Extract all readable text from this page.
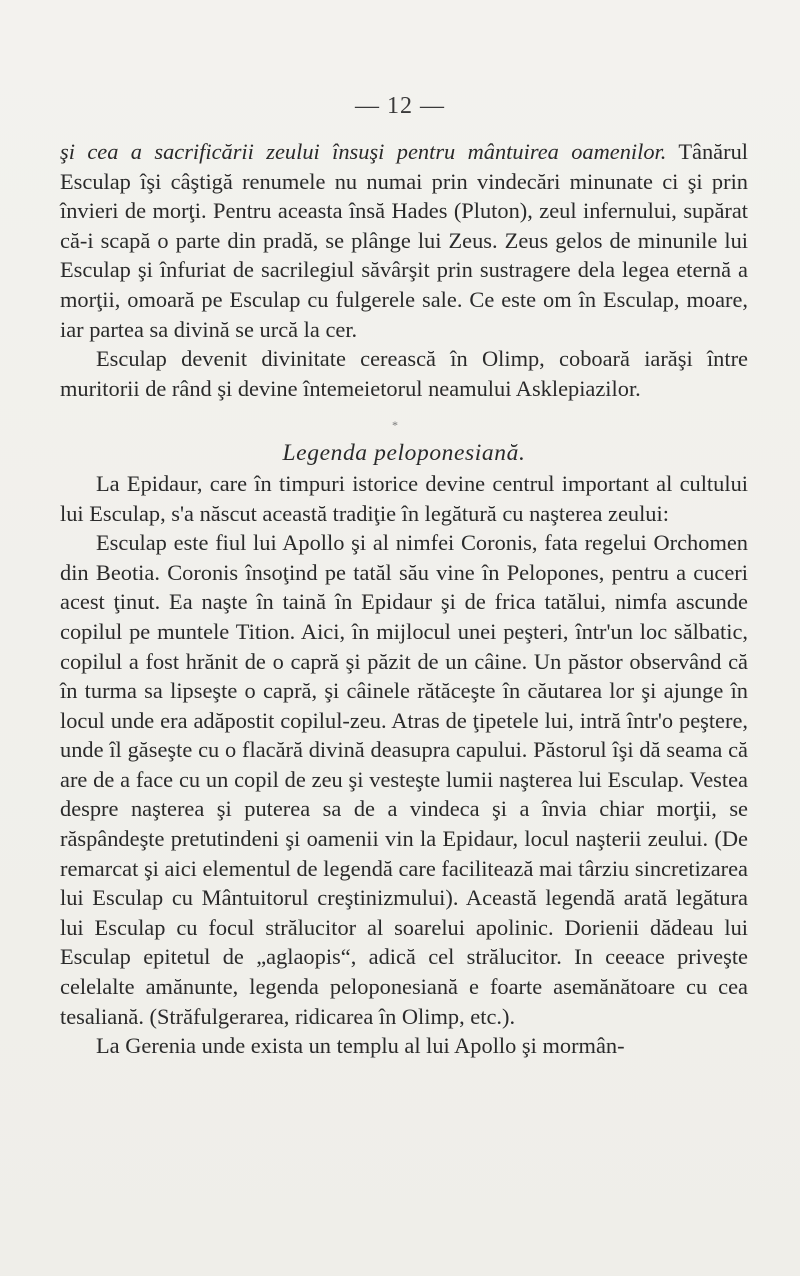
— 12 —

şi cea a sacrificării zeului însuşi pentru mântuirea oamenilor. Tânărul Esculap îşi câştigă renumele nu numai prin vindecări minunate ci şi prin învieri de morţi. Pentru aceasta însă Hades (Pluton), zeul infernului, supărat că-i scapă o parte din pradă, se plânge lui Zeus. Zeus gelos de minunile lui Esculap şi înfuriat de sacrilegiul săvârşit prin sustragere dela legea eternă a morţii, omoară pe Esculap cu fulgerele sale. Ce este om în Esculap, moare, iar partea sa divină se urcă la cer.

Esculap devenit divinitate cerească în Olimp, coboară iarăşi între muritorii de rând şi devine întemeietorul neamului Asklepiazilor.

*

Legenda peloponesiană.

La Epidaur, care în timpuri istorice devine centrul important al cultului lui Esculap, s'a născut această tradiţie în legătură cu naşterea zeului:

Esculap este fiul lui Apollo şi al nimfei Coronis, fata regelui Orchomen din Beotia. Coronis însoţind pe tatăl său vine în Pelopones, pentru a cuceri acest ţinut. Ea naşte în taină în Epidaur şi de frica tatălui, nimfa ascunde copilul pe muntele Tition. Aici, în mijlocul unei peşteri, într'un loc sălbatic, copilul a fost hrănit de o capră şi păzit de un câine. Un păstor observând că în turma sa lipseşte o capră, şi câinele rătăceşte în căutarea lor şi ajunge în locul unde era adăpostit copilul-zeu. Atras de ţipetele lui, intră într'o peştere, unde îl găseşte cu o flacără divină deasupra capului. Păstorul îşi dă seama că are de a face cu un copil de zeu şi vesteşte lumii naşterea lui Esculap. Vestea despre naşterea şi puterea sa de a vindeca şi a învia chiar morţii, se răspândeşte pretutindeni şi oamenii vin la Epidaur, locul naşterii zeului. (De remarcat şi aici elementul de legendă care facilitează mai târziu sincretizarea lui Esculap cu Mântuitorul creştinizmului). Această legendă arată legătura lui Esculap cu focul strălucitor al soarelui apolinic. Dorienii dădeau lui Esculap epitetul de „aglaopis“, adică cel strălucitor. In ceeace priveşte celelalte amănunte, legenda peloponesiană e foarte asemănătoare cu cea tesaliană. (Străfulgerarea, ridicarea în Olimp, etc.).

La Gerenia unde exista un templu al lui Apollo şi mormân-
